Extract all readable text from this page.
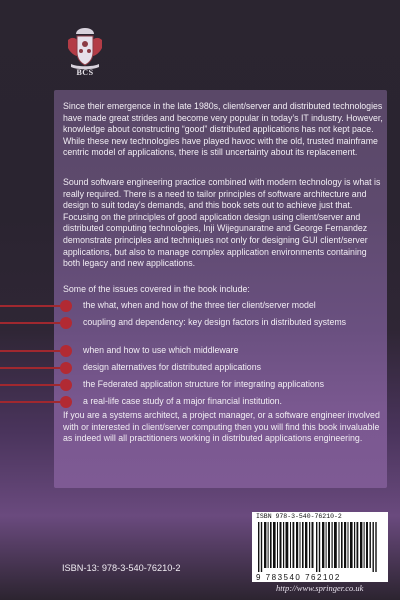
BCS
Since their emergence in the late 1980s, client/server and distributed technologies have made great strides and become very popular in today’s IT industry. However, knowledge about constructing “good” distributed applications has not kept pace. While these new technologies have played havoc with the old, trusted mainframe centric model of applications, there is still uncertainty about its replacement.
Sound software engineering practice combined with modern technology is what is really required. There is a need to tailor principles of software architecture and design to suit today’s demands, and this book sets out to achieve just that. Focusing on the principles of good application design using client/server and distributed computing technologies, Inji Wijegunaratne and George Fernandez demonstrate principles and techniques not only for designing GUI client/server applications, but also to manage complex application environments containing both legacy and new applications.
Some of the issues covered in the book include:
the what, when and how of the three tier client/server model
coupling and dependency: key design factors in distributed systems
when and how to use which middleware
design alternatives for distributed applications
the Federated application structure for integrating applications
a real-life case study of a major financial institution.
If you are a systems architect, a project manager, or a software engineer involved with or interested in client/server computing then you will find this book invaluable as indeed will all practitioners working in distributed applications engineering.
ISBN-13: 978-3-540-76210-2
ISBN 978-3-540-76210-2
9 783540 762102
http://www.springer.co.uk
